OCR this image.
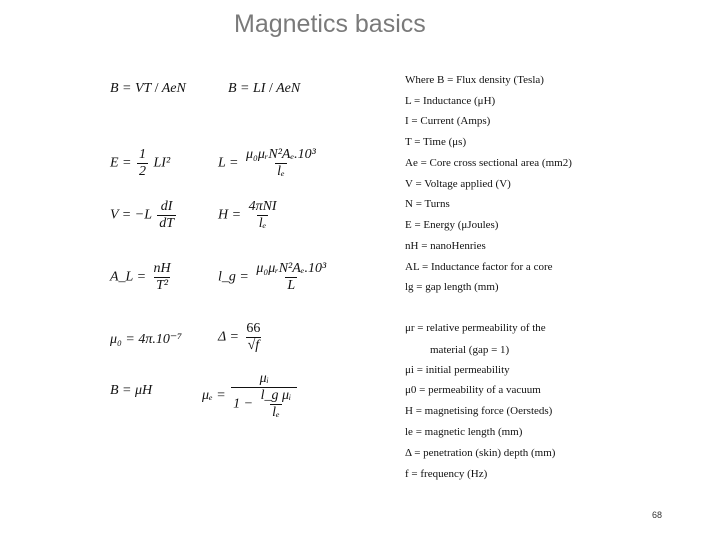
Magnetics basics
B = VT / AeN	B = LI / AeN
$E = \frac{1}{2} LI^2$	$L = \frac{\text{μ₀μᵣN²Aₑ.10³}}{\text{lₑ}}$
$V = -L \frac{dI}{dT}$	$H = \frac{\text{4πNI}}{\text{lₑ}}$
A_L = $\frac{nH}{\text{T²}}$	l_g = $\frac{\text{μ₀μᵣN²Aₑ.10³}}{L}$
μ₀ = 4π.10⁻⁷	$\Delta = \frac{66}{√f}$
B = μH	$\mu_e = \frac{\text{μᵢ}}{1 - \frac{\text{l\_g μᵢ}}{\text{lₑ}}}$
Where B = Flux density (Tesla)
L = Inductance (μH)
I = Current (Amps)
T = Time (μs)
Ae = Core cross sectional area (mm2)
V = Voltage applied (V)
N = Turns
E = Energy (μJoules)
nH = nanoHenries
AL = Inductance factor for a core
lg = gap length (mm)
μr = relative permeability of the
material (gap = 1)
μi = initial permeability
μ0 = permeability of a vacuum
H = magnetising force (Oersteds)
le = magnetic length (mm)
Δ = penetration (skin) depth (mm)
f = frequency (Hz)
68
